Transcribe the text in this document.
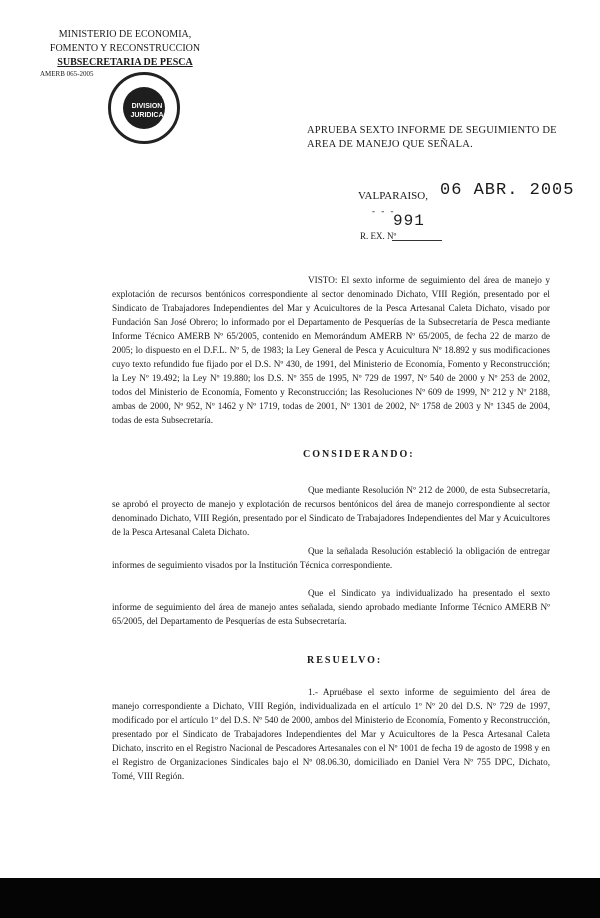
MINISTERIO DE ECONOMIA,
FOMENTO Y RECONSTRUCCION
SUBSECRETARIA DE PESCA
AMERB 065-2005
DIVISION
JURIDICA
APRUEBA SEXTO INFORME DE SEGUIMIENTO DE AREA DE MANEJO QUE SEÑALA.
VALPARAISO, 06 ABR. 2005
- - -
991
R. EX. Nº

VISTO: El sexto informe de seguimiento del área de manejo y explotación de recursos bentónicos correspondiente al sector denominado Dichato, VIII Región, presentado por el Sindicato de Trabajadores Independientes del Mar y Acuicultores de la Pesca Artesanal Caleta Dichato, visado por Fundación San José Obrero; lo informado por el Departamento de Pesquerías de la Subsecretaría de Pesca mediante Informe Técnico AMERB Nº 65/2005, contenido en Memorándum AMERB Nº 65/2005, de fecha 22 de marzo de 2005; lo dispuesto en el D.F.L. Nº 5, de 1983; la Ley General de Pesca y Acuicultura Nº 18.892 y sus modificaciones cuyo texto refundido fue fijado por el D.S. Nº 430, de 1991, del Ministerio de Economía, Fomento y Reconstrucción; la Ley Nº 19.492; la Ley Nº 19.880; los D.S. Nº 355 de 1995, Nº 729 de 1997, Nº 540 de 2000 y Nº 253 de 2002, todos del Ministerio de Economía, Fomento y Reconstrucción; las Resoluciones Nº 609 de 1999, Nº 212 y Nº 2188, ambas de 2000, Nº 952, Nº 1462 y Nº 1719, todas de 2001, Nº 1301 de 2002, Nº 1758 de 2003 y Nº 1345 de 2004, todas de esta Subsecretaría.

CONSIDERANDO:

Que mediante Resolución Nº 212 de 2000, de esta Subsecretaría, se aprobó el proyecto de manejo y explotación de recursos bentónicos del área de manejo correspondiente al sector denominado Dichato, VIII Región, presentado por el Sindicato de Trabajadores Independientes del Mar y Acuicultores de la Pesca Artesanal Caleta Dichato.

Que la señalada Resolución estableció la obligación de entregar informes de seguimiento visados por la Institución Técnica correspondiente.

Que el Sindicato ya individualizado ha presentado el sexto informe de seguimiento del área de manejo antes señalada, siendo aprobado mediante Informe Técnico AMERB Nº 65/2005, del Departamento de Pesquerías de esta Subsecretaría.

RESUELVO:

1.- Apruébase el sexto informe de seguimiento del área de manejo correspondiente a Dichato, VIII Región, individualizada en el artículo 1º Nº 20 del D.S. Nº 729 de 1997, modificado por el artículo 1º del D.S. Nº 540 de 2000, ambos del Ministerio de Economía, Fomento y Reconstrucción, presentado por el Sindicato de Trabajadores Independientes del Mar y Acuicultores de la Pesca Artesanal Caleta Dichato, inscrito en el Registro Nacional de Pescadores Artesanales con el Nº 1001 de fecha 19 de agosto de 1998 y en el Registro de Organizaciones Sindicales bajo el Nº 08.06.30, domiciliado en Daniel Vera Nº 755 DPC, Dichato, Tomé, VIII Región.
